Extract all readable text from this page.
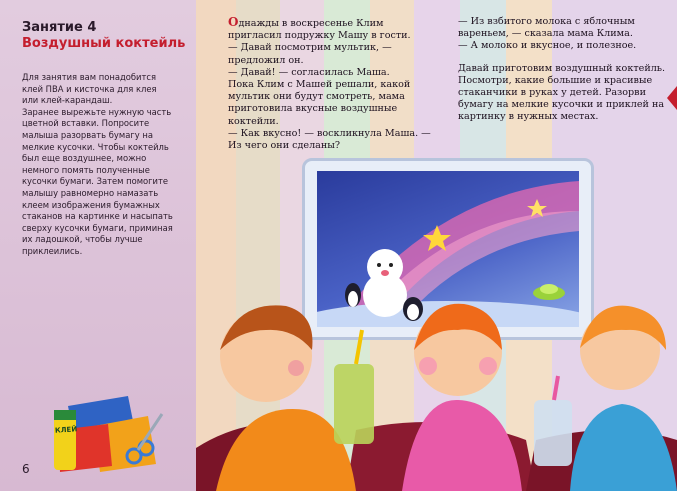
Занятие 4

Воздушный коктейль

Для занятия вам понадобится клей ПВА и кисточка для клея или клей-карандаш.

Заранее вырежьте нужную часть цветной вставки. Попросите малыша разорвать бумагу на мелкие кусочки. Чтобы коктейль был еще воздушнее, можно немного помять полученные кусочки бумаги. Затем помогите малышу равномерно намазать клеем изображения бумажных стаканов на картинке и насыпать сверху кусочки бумаги, приминая их ладошкой, чтобы лучше приклеились.

Однажды в воскресенье Клим пригласил подружку Машу в гости.

— Давай посмотрим мультик, — предложил он.

— Давай! — согласилась Маша.

Пока Клим с Машей решали, какой мультик они будут смотреть, мама приготовила вкусные воздушные коктейли.

— Как вкусно! — воскликнула Маша. — Из чего они сделаны?

— Из взбитого молока с яблочным вареньем, — сказала мама Клима.

— А молоко и вкусное, и полезное.

Давай приготовим воздушный коктейль. Посмотри, какие большие и красивые стаканчики в руках у детей. Разорви бумагу на мелкие кусочки и приклей на картинку в нужных местах.

КЛЕЙ
6
